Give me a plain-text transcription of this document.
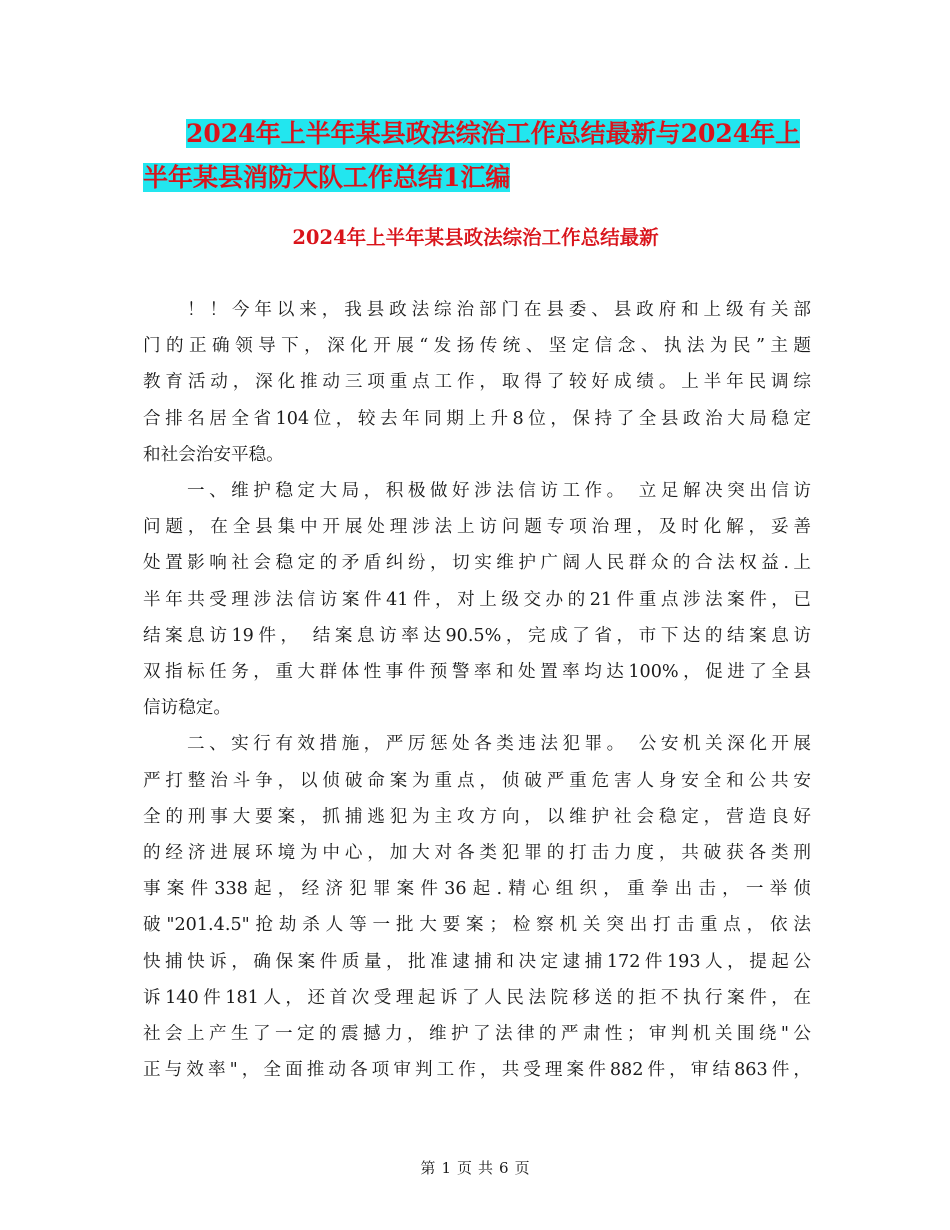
2024年上半年某县政法综治工作总结最新与2024年上
半年某县消防大队工作总结1汇编
2024年上半年某县政法综治工作总结最新

！！今年以来，我县政法综治部门在县委、县政府和上级有关部
门的正确领导下，深化开展“发扬传统、坚定信念、执法为民”主题
教育活动，深化推动三项重点工作，取得了较好成绩。上半年民调综
合排名居全省104位，较去年同期上升8位，保持了全县政治大局稳定
和社会治安平稳。

一、维护稳定大局，积极做好涉法信访工作。 立足解决突出信访
问题，在全县集中开展处理涉法上访问题专项治理，及时化解，妥善
处置影响社会稳定的矛盾纠纷，切实维护广阔人民群众的合法权益.上
半年共受理涉法信访案件41件，对上级交办的21件重点涉法案件，已
结案息访19件， 结案息访率达90.5%，完成了省，市下达的结案息访
双指标任务，重大群体性事件预警率和处置率均达100%，促进了全县
信访稳定。

二、实行有效措施，严厉惩处各类违法犯罪。 公安机关深化开展
严打整治斗争，以侦破命案为重点，侦破严重危害人身安全和公共安
全的刑事大要案，抓捕逃犯为主攻方向，以维护社会稳定，营造良好
的经济进展环境为中心，加大对各类犯罪的打击力度，共破获各类刑
事案件338起，经济犯罪案件36起.精心组织，重拳出击，一举侦
破"201.4.5"抢劫杀人等一批大要案；检察机关突出打击重点，依法
快捕快诉，确保案件质量，批准逮捕和决定逮捕172件193人，提起公
诉140件181人，还首次受理起诉了人民法院移送的拒不执行案件，在
社会上产生了一定的震撼力，维护了法律的严肃性；审判机关围绕"公
正与效率"，全面推动各项审判工作，共受理案件882件，审结863件，

第 1 页 共 6 页
